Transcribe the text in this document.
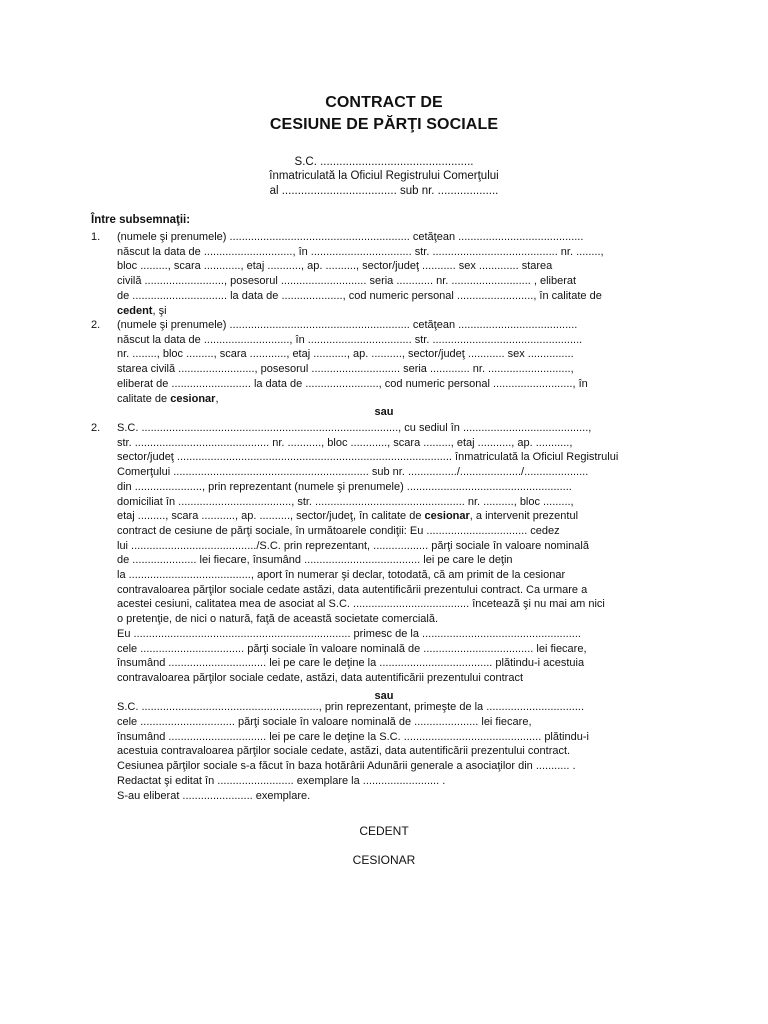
CONTRACT DE
CESIUNE DE PĂRŢI SOCIALE
S.C. ................................................
înmatriculată la Oficiul Registrului Comerţului
al .................................... sub nr. ...................
Între subsemnaţii:
1. (numele şi prenumele) ........................................................... cetăţean .........................................

născut la data de ............................., în ................................. str. ......................................... nr. ........,

bloc ........., scara ............, etaj ..........., ap. .........., sector/judeţ ........... sex ............. starea

civilă .........................., posesorul ............................ seria ............ nr. .......................... , eliberat

de ............................... la data de ...................., cod numeric personal ........................., în calitate de

cedent, şi

2. (numele şi prenumele) ........................................................... cetăţean .......................................

născut la data de ............................, în .................................. str. .................................................

nr. ........, bloc ........., scara ............, etaj ..........., ap. .........., sector/judeţ ............ sex ...............

starea civilă ........................., posesorul ............................. seria ............. nr. ...........................,

eliberat de .......................... la data de ........................, cod numeric personal .........................., în

calitate de cesionar,

sau
2. S.C. ...................................................................................., cu sediul în .........................................,

str. ............................................ nr. ..........., bloc ............, scara ........., etaj ..........., ap. ...........,

sector/judeţ .......................................................................................... înmatriculată la Oficiul Registrului

Comerţului ................................................................ sub nr. ................/..................../.....................

din ......................, prin reprezentant (numele şi prenumele) ......................................................

domiciliat în ....................................., str. ................................................. nr. .........., bloc .........,

etaj ........., scara ..........., ap. .........., sector/judeţ, în calitate de cesionar, a intervenit prezentul

contract de cesiune de părţi sociale, în următoarele condiţii: Eu ................................. cedez

lui ........................................./S.C. prin reprezentant, .................. părţi sociale în valoare nominală

de ..................... lei fiecare, însumând ...................................... lei pe care le deţin

la ........................................, aport în numerar şi declar, totodată, că am primit de la cesionar

contravaloarea părţilor sociale cedate astăzi, data autentificării prezentului contract. Ca urmare a

acestei cesiuni, calitatea mea de asociat al S.C. ...................................... încetează şi nu mai am nici

o pretenţie, de nici o natură, faţă de această societate comercială.

Eu ....................................................................... primesc de la ....................................................

cele .................................. părţi sociale în valoare nominală de .................................... lei fiecare,

însumând ................................ lei pe care le deţine la ..................................... plătindu-i acestuia

contravaloarea părţilor sociale cedate, astăzi, data autentificării prezentului contract

S.C. .........................................................., prin reprezentant, primeşte de la ................................

cele ............................... părţi sociale în valoare nominală de ..................... lei fiecare,

însumând ................................ lei pe care le deţine la S.C. ............................................. plătindu-i

acestuia contravaloarea părţilor sociale cedate, astăzi, data autentificării prezentului contract.

Cesiunea părţilor sociale s-a făcut în baza hotărârii Adunării generale a asociaţilor din ........... .

Redactat şi editat în ......................... exemplare la ......................... .

S-au eliberat ....................... exemplare.

sau
CEDENT
CESIONAR
